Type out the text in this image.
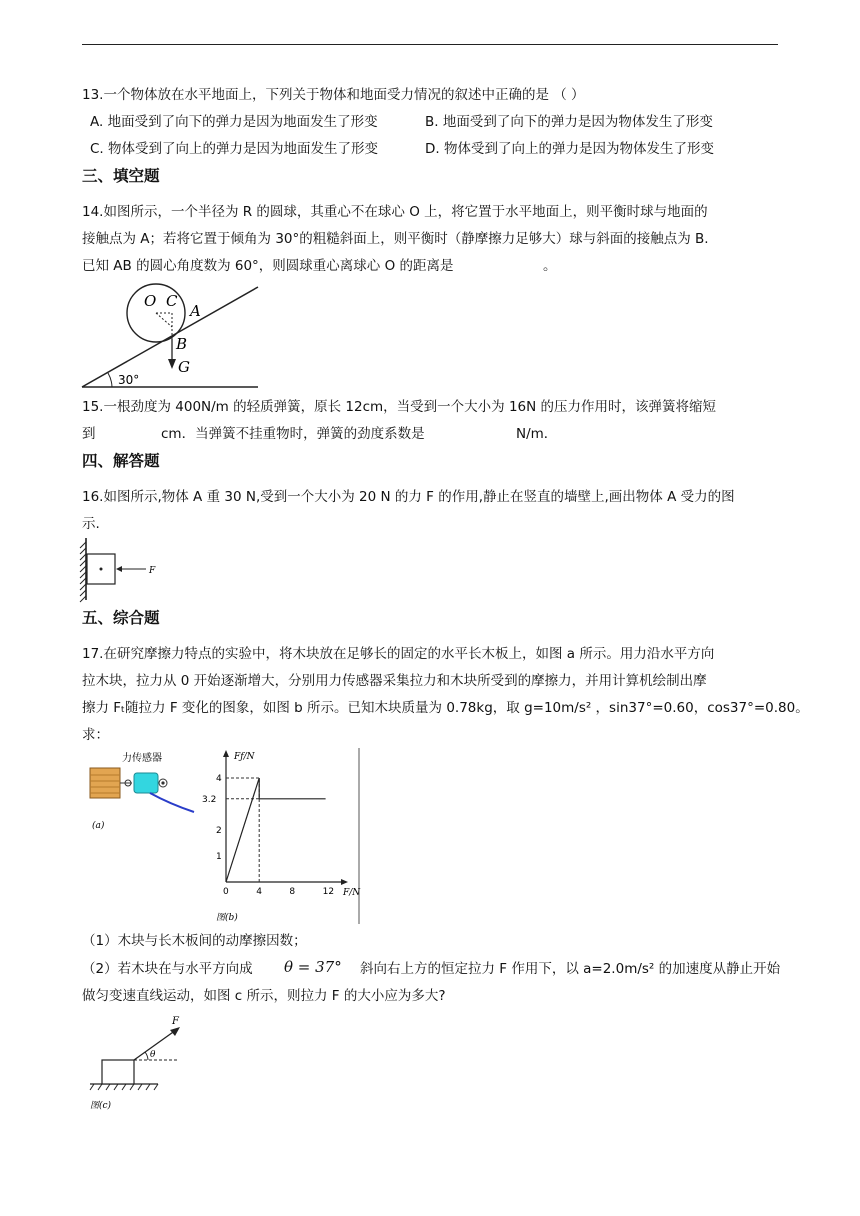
13.一个物体放在水平地面上，下列关于物体和地面受力情况的叙述中正确的是 （ ）
A. 地面受到了向下的弹力是因为地面发生了形变	B. 地面受到了向下的弹力是因为物体发生了形变
C. 物体受到了向上的弹力是因为地面发生了形变	D. 物体受到了向上的弹力是因为物体发生了形变
三、填空题
14.如图所示，一个半径为 R 的圆球，其重心不在球心 O 上，将它置于水平地面上，则平衡时球与地面的
接触点为 A；若将它置于倾角为 30°的粗糙斜面上，则平衡时（静摩擦力足够大）球与斜面的接触点为 B.
已知 AB 的圆心角度数为 60°，则圆球重心离球心 O 的距离是	。
O C
A
B
G
30°
15.一根劲度为 400N/m 的轻质弹簧，原长 12cm，当受到一个大小为 16N 的压力作用时，该弹簧将缩短
到	cm．当弹簧不挂重物时，弹簧的劲度系数是	N/m．
四、解答题
16.如图所示,物体 A 重 30 N,受到一个大小为 20 N 的力 F 的作用,静止在竖直的墙壁上,画出物体 A 受力的图
示.
F
五、综合题
17.在研究摩擦力特点的实验中，将木块放在足够长的固定的水平长木板上，如图 a 所示。用力沿水平方向
拉木块，拉力从 0 开始逐渐增大，分别用力传感器采集拉力和木块所受到的摩擦力，并用计算机绘制出摩
擦力 Fₜ随拉力 F 变化的图象，如图 b 所示。已知木块质量为 0.78kg，取 g=10m/s² ，sin37°=0.60，cos37°=0.80。
求：
力传感器
(a)
Fƒ/N
F/N
图(b)
0	4	8	12
1
2
3.2
4
（1）木块与长木板间的动摩擦因数；
（2）若木块在与水平方向成 θ = 37° 斜向右上方的恒定拉力 F 作用下，以 a=2.0m/s² 的加速度从静止开始
做匀变速直线运动，如图 c 所示，则拉力 F 的大小应为多大?
F
θ
图(c)
